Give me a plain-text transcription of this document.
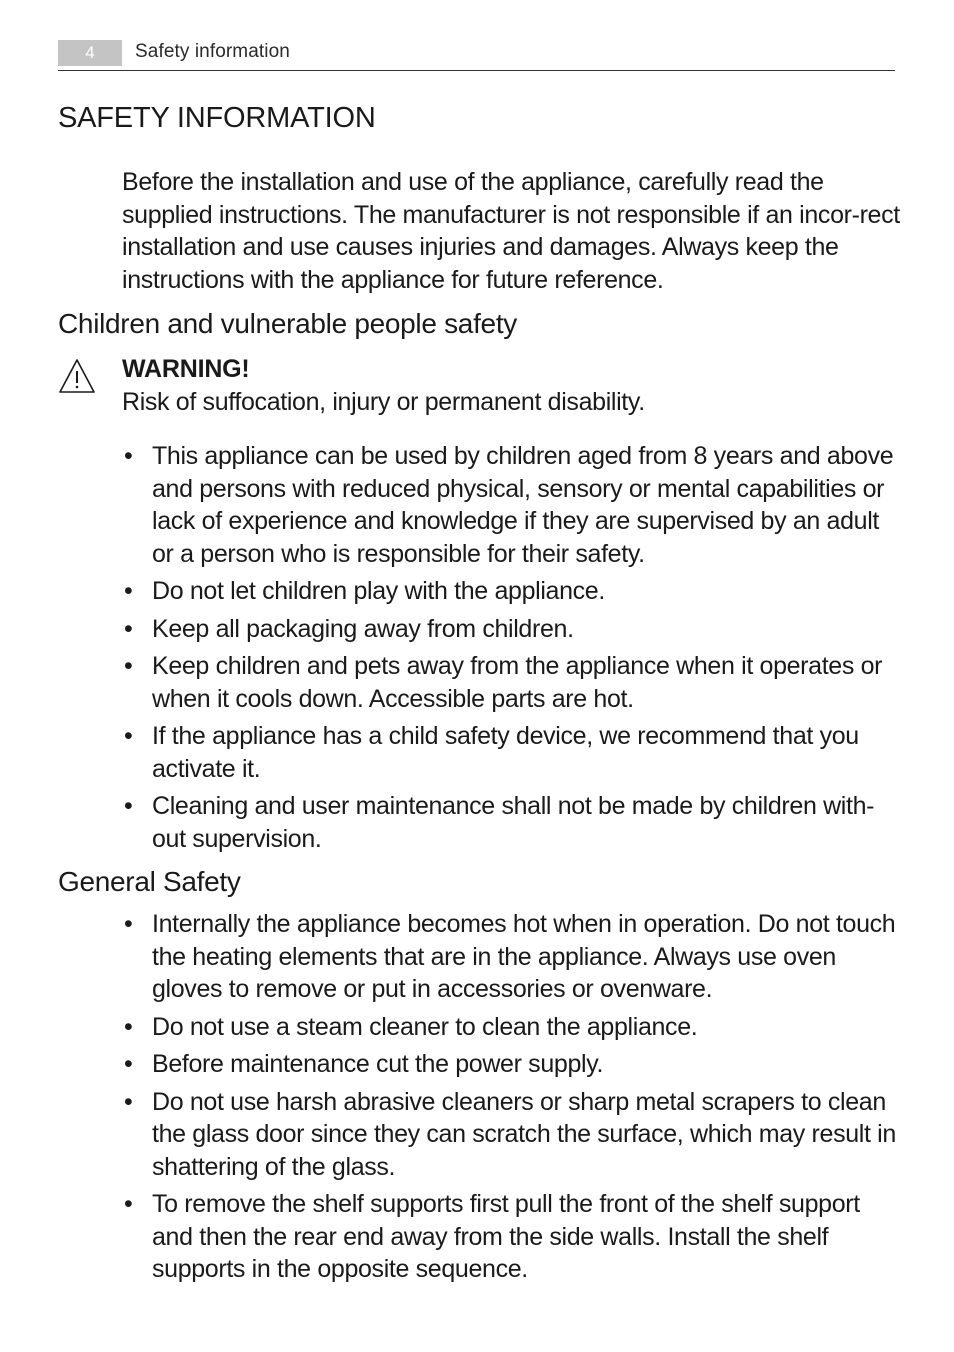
4	Safety information
SAFETY INFORMATION

Before the installation and use of the appliance, carefully read the supplied instructions. The manufacturer is not responsible if an incor-rect installation and use causes injuries and damages. Always keep the instructions with the appliance for future reference.

Children and vulnerable people safety
WARNING!
Risk of suffocation, injury or permanent disability.
• This appliance can be used by children aged from 8 years and above and persons with reduced physical, sensory or mental capabilities or lack of experience and knowledge if they are supervised by an adult or a person who is responsible for their safety.
• Do not let children play with the appliance.
• Keep all packaging away from children.
• Keep children and pets away from the appliance when it operates or when it cools down. Accessible parts are hot.
• If the appliance has a child safety device, we recommend that you activate it.
• Cleaning and user maintenance shall not be made by children with-out supervision.
General Safety
• Internally the appliance becomes hot when in operation. Do not touch the heating elements that are in the appliance. Always use oven gloves to remove or put in accessories or ovenware.
• Do not use a steam cleaner to clean the appliance.
• Before maintenance cut the power supply.
• Do not use harsh abrasive cleaners or sharp metal scrapers to clean the glass door since they can scratch the surface, which may result in shattering of the glass.
• To remove the shelf supports first pull the front of the shelf support and then the rear end away from the side walls. Install the shelf supports in the opposite sequence.
